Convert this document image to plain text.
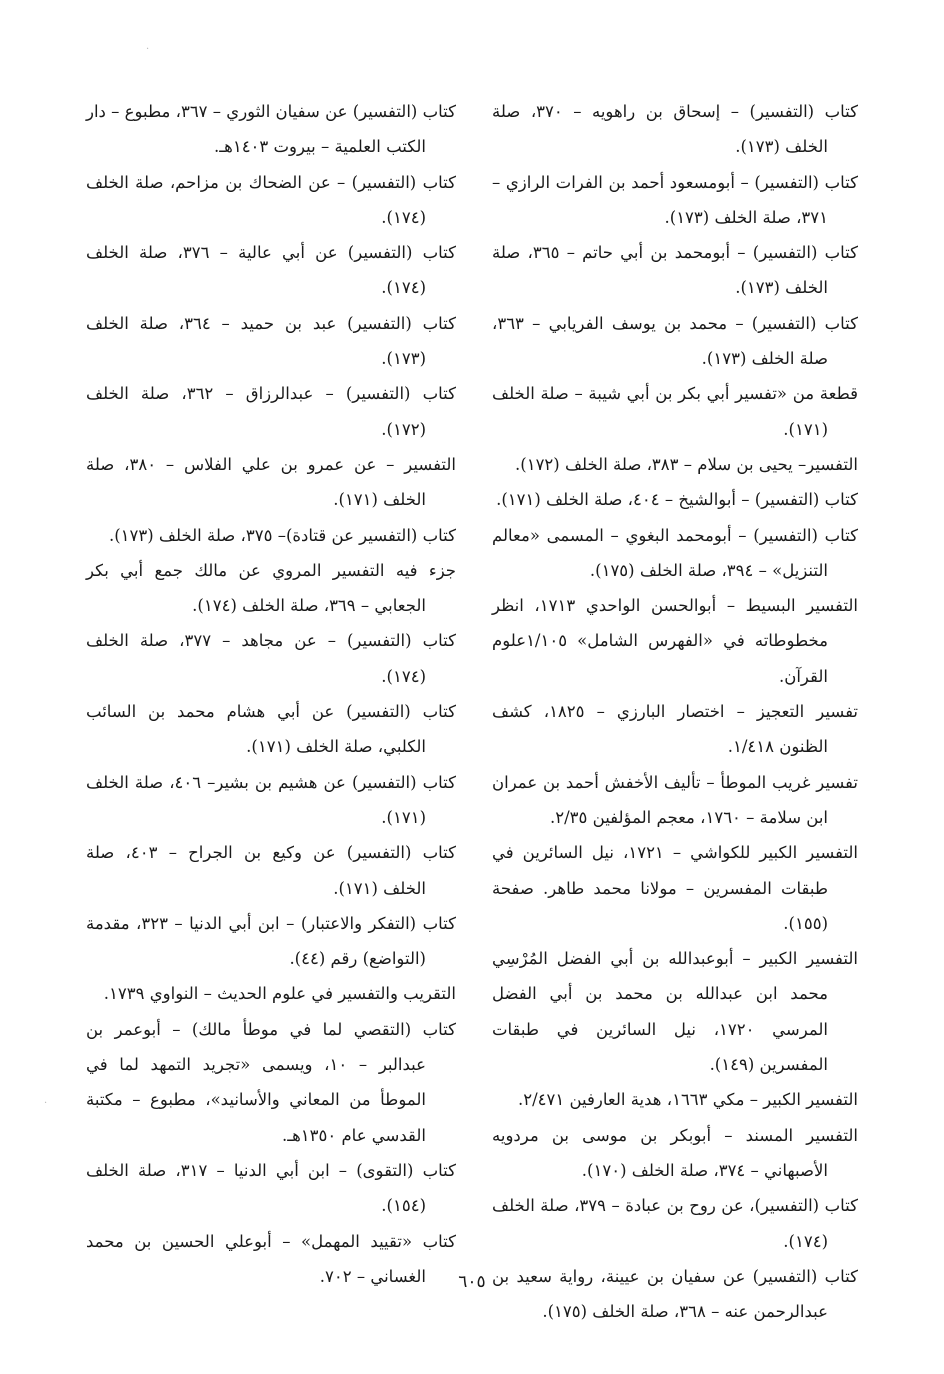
كتاب (التفسير) – إسحاق بن راهويه – ٣٧٠، صلة الخلف (١٧٣).

كتاب (التفسير) – أبومسعود أحمد بن الفرات الرازي – ٣٧١، صلة الخلف (١٧٣).

كتاب (التفسير) – أبومحمد بن أبي حاتم – ٣٦٥، صلة الخلف (١٧٣).

كتاب (التفسير) – محمد بن يوسف الفريابي – ٣٦٣، صلة الخلف (١٧٣).

قطعة من «تفسير أبي بكر بن أبي شيبة – صلة الخلف (١٧١).

التفسير– يحيى بن سلام – ٣٨٣، صلة الخلف (١٧٢).

كتاب (التفسير) – أبوالشيخ – ٤٠٤، صلة الخلف (١٧١).

كتاب (التفسير) – أبومحمد البغوي – المسمى «معالم التنزيل» – ٣٩٤، صلة الخلف (١٧٥).

التفسير البسيط – أبوالحسن الواحدي ١٧١٣، انظر مخطوطاته في «الفهرس الشامل» ١/١٠٥علوم القرآن.

تفسير التعجيز – اختصار البارزي – ١٨٢٥، كشف الظنون ١/٤١٨.

تفسير غريب الموطأ – تأليف الأخفش أحمد بن عمران ابن سلامة – ١٧٦٠، معجم المؤلفين ٢/٣٥.

التفسير الكبير للكواشي – ١٧٢١، نيل السائرين في طبقات المفسرين – مولانا محمد طاهر. صفحة (١٥٥).

التفسير الكبير – أبوعبدالله بن أبي الفضل المُرْسِي محمد ابن عبدالله بن محمد بن أبي الفضل المرسي ١٧٢٠، نيل السائرين في طبقات المفسرين (١٤٩).

التفسير الكبير – مكي ١٦٦٣، هدية العارفين ٢/٤٧١.

التفسير المسند – أبوبكر بن موسى بن مردويه الأصبهاني – ٣٧٤، صلة الخلف (١٧٠).

كتاب (التفسير)، عن روح بن عبادة – ٣٧٩، صلة الخلف (١٧٤).

كتاب (التفسير) عن سفيان بن عيينة، رواية سعيد بن عبدالرحمن عنه – ٣٦٨، صلة الخلف (١٧٥).

كتاب (التفسير) عن سفيان الثوري – ٣٦٧، مطبوع – دار الكتب العلمية – بيروت ١٤٠٣هـ.

كتاب (التفسير) – عن الضحاك بن مزاحم، صلة الخلف (١٧٤).

كتاب (التفسير) عن أبي عالية – ٣٧٦، صلة الخلف (١٧٤).

كتاب (التفسير) عبد بن حميد – ٣٦٤، صلة الخلف (١٧٣).

كتاب (التفسير) – عبدالرزاق – ٣٦٢، صلة الخلف (١٧٢).

التفسير – عن عمرو بن علي الفلاس – ٣٨٠، صلة الخلف (١٧١).

كتاب (التفسير عن قتادة)– ٣٧٥، صلة الخلف (١٧٣).

جزء فيه التفسير المروي عن مالك جمع أبي بكر الجعابي – ٣٦٩، صلة الخلف (١٧٤).

كتاب (التفسير) – عن مجاهد – ٣٧٧، صلة الخلف (١٧٤).

كتاب (التفسير) عن أبي هشام محمد بن السائب الكلبي، صلة الخلف (١٧١).

كتاب (التفسير) عن هشيم بن بشير– ٤٠٦، صلة الخلف (١٧١).

كتاب (التفسير) عن وكيع بن الجراح – ٤٠٣، صلة الخلف (١٧١).

كتاب (التفكر والاعتبار) – ابن أبي الدنيا – ٣٢٣، مقدمة (التواضع) رقم (٤٤).

التقريب والتفسير في علوم الحديث – النواوي ١٧٣٩.

كتاب (التقصي لما في موطأ مالك) – أبوعمر بن عبدالبر – ١٠، ويسمى «تجريد التمهد لما في الموطأ من المعاني والأسانيد»، مطبوع – مكتبة القدسي عام ١٣٥٠هـ.

كتاب (التقوى) – ابن أبي الدنيا – ٣١٧، صلة الخلف (١٥٤).

كتاب «تقييد المهمل» – أبوعلي الحسين بن محمد الغساني – ٧٠٢.	٦٠٥
·
·
